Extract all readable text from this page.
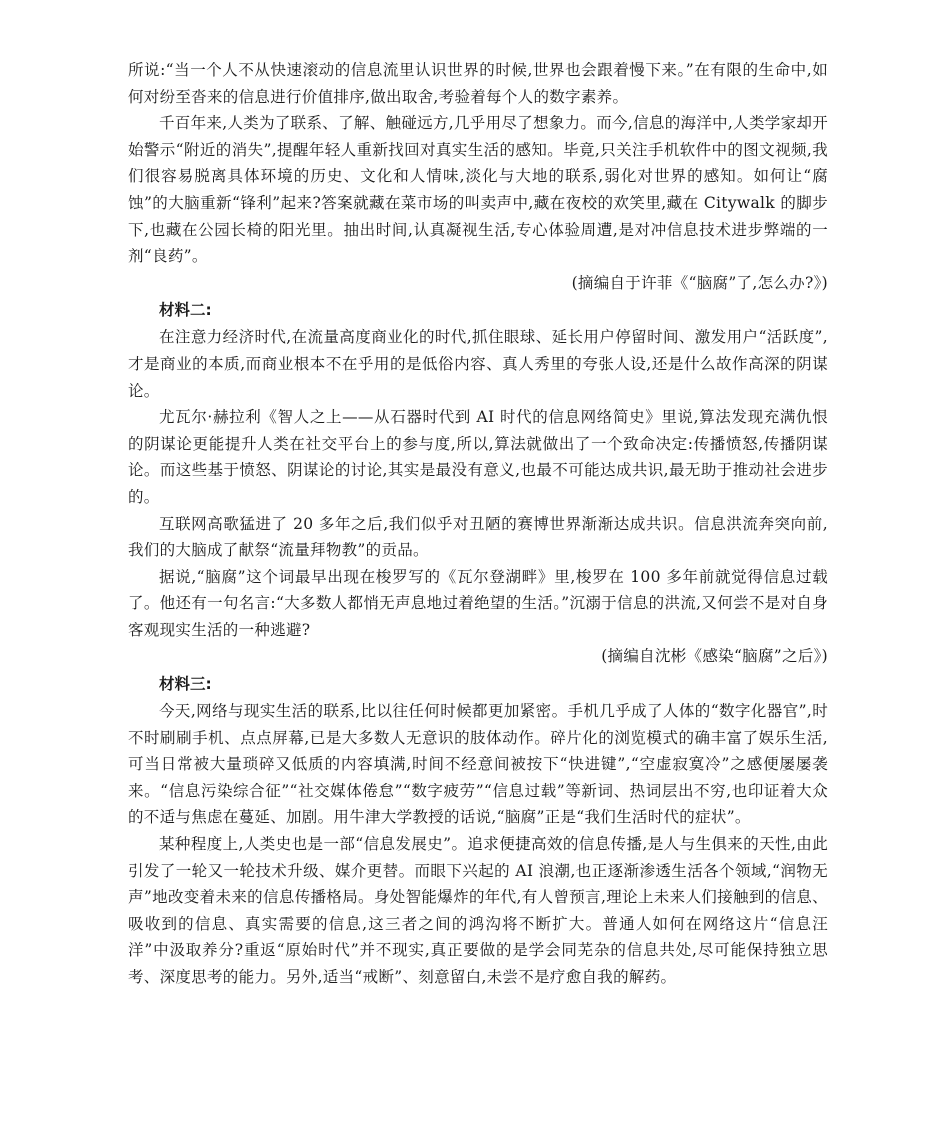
所说:“当一个人不从快速滚动的信息流里认识世界的时候,世界也会跟着慢下来。”在有限的生命中,如何对纷至沓来的信息进行价值排序,做出取舍,考验着每个人的数字素养。

千百年来,人类为了联系、了解、触碰远方,几乎用尽了想象力。而今,信息的海洋中,人类学家却开始警示“附近的消失”,提醒年轻人重新找回对真实生活的感知。毕竟,只关注手机软件中的图文视频,我们很容易脱离具体环境的历史、文化和人情味,淡化与大地的联系,弱化对世界的感知。如何让“腐蚀”的大脑重新“锋利”起来?答案就藏在菜市场的叫卖声中,藏在夜校的欢笑里,藏在 Citywalk 的脚步下,也藏在公园长椅的阳光里。抽出时间,认真凝视生活,专心体验周遭,是对冲信息技术进步弊端的一剂“良药”。

(摘编自于许菲《“脑腐”了,怎么办?》)

材料二:

在注意力经济时代,在流量高度商业化的时代,抓住眼球、延长用户停留时间、激发用户“活跃度”,才是商业的本质,而商业根本不在乎用的是低俗内容、真人秀里的夸张人设,还是什么故作高深的阴谋论。

尤瓦尔·赫拉利《智人之上——从石器时代到 AI 时代的信息网络简史》里说,算法发现充满仇恨的阴谋论更能提升人类在社交平台上的参与度,所以,算法就做出了一个致命决定:传播愤怒,传播阴谋论。而这些基于愤怒、阴谋论的讨论,其实是最没有意义,也最不可能达成共识,最无助于推动社会进步的。

互联网高歌猛进了 20 多年之后,我们似乎对丑陋的赛博世界渐渐达成共识。信息洪流奔突向前,我们的大脑成了献祭“流量拜物教”的贡品。

据说,“脑腐”这个词最早出现在梭罗写的《瓦尔登湖畔》里,梭罗在 100 多年前就觉得信息过载了。他还有一句名言:“大多数人都悄无声息地过着绝望的生活。”沉溺于信息的洪流,又何尝不是对自身客观现实生活的一种逃避?

(摘编自沈彬《感染“脑腐”之后》)

材料三:

今天,网络与现实生活的联系,比以往任何时候都更加紧密。手机几乎成了人体的“数字化器官”,时不时刷刷手机、点点屏幕,已是大多数人无意识的肢体动作。碎片化的浏览模式的确丰富了娱乐生活,可当日常被大量琐碎又低质的内容填满,时间不经意间被按下“快进键”,“空虚寂寞冷”之感便屡屡袭来。“信息污染综合征”“社交媒体倦怠”“数字疲劳”“信息过载”等新词、热词层出不穷,也印证着大众的不适与焦虑在蔓延、加剧。用牛津大学教授的话说,“脑腐”正是“我们生活时代的症状”。

某种程度上,人类史也是一部“信息发展史”。追求便捷高效的信息传播,是人与生俱来的天性,由此引发了一轮又一轮技术升级、媒介更替。而眼下兴起的 AI 浪潮,也正逐渐渗透生活各个领域,“润物无声”地改变着未来的信息传播格局。身处智能爆炸的年代,有人曾预言,理论上未来人们接触到的信息、吸收到的信息、真实需要的信息,这三者之间的鸿沟将不断扩大。普通人如何在网络这片“信息汪洋”中汲取养分?重返“原始时代”并不现实,真正要做的是学会同芜杂的信息共处,尽可能保持独立思考、深度思考的能力。另外,适当“戒断”、刻意留白,未尝不是疗愈自我的解药。
